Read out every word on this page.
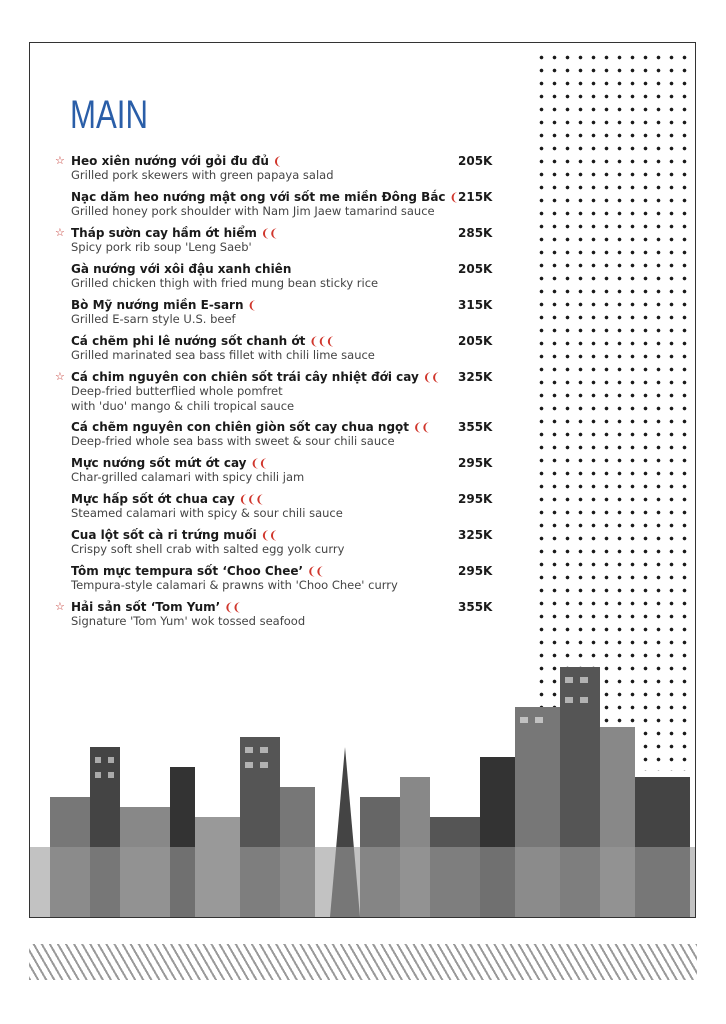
MAIN
☆ Heo xiên nướng với gỏi đu đủ ❨
Grilled pork skewers with green papaya salad
205K
Nạc dăm heo nướng mật ong với sốt me miền Đông Bắc ❨
Grilled honey pork shoulder with Nam Jim Jaew tamarind sauce
215K
☆ Tháp sườn cay hầm ớt hiểm ❨❨
Spicy pork rib soup 'Leng Saeb'
285K
Gà nướng với xôi đậu xanh chiên
Grilled chicken thigh with fried mung bean sticky rice
205K
Bò Mỹ nướng miền E-sarn ❨
Grilled E-sarn style U.S. beef
315K
Cá chẽm phi lê nướng sốt chanh ớt ❨❨❨
Grilled marinated sea bass fillet with chili lime sauce
205K
☆ Cá chim nguyên con chiên sốt trái cây nhiệt đới cay ❨❨
Deep-fried butterflied whole pomfret
with 'duo' mango & chili tropical sauce
325K
Cá chẽm nguyên con chiên giòn sốt cay chua ngọt ❨❨
Deep-fried whole sea bass with sweet & sour chili sauce
355K
Mực nướng sốt mứt ớt cay ❨❨
Char-grilled calamari with spicy chili jam
295K
Mực hấp sốt ớt chua cay ❨❨❨
Steamed calamari with spicy & sour chili sauce
295K
Cua lột sốt cà ri trứng muối ❨❨
Crispy soft shell crab with salted egg yolk curry
325K
Tôm mực tempura sốt ‘Choo Chee’ ❨❨
Tempura-style calamari & prawns with 'Choo Chee' curry
295K
☆ Hải sản sốt ‘Tom Yum’ ❨❨
Signature 'Tom Yum' wok tossed seafood
355K
